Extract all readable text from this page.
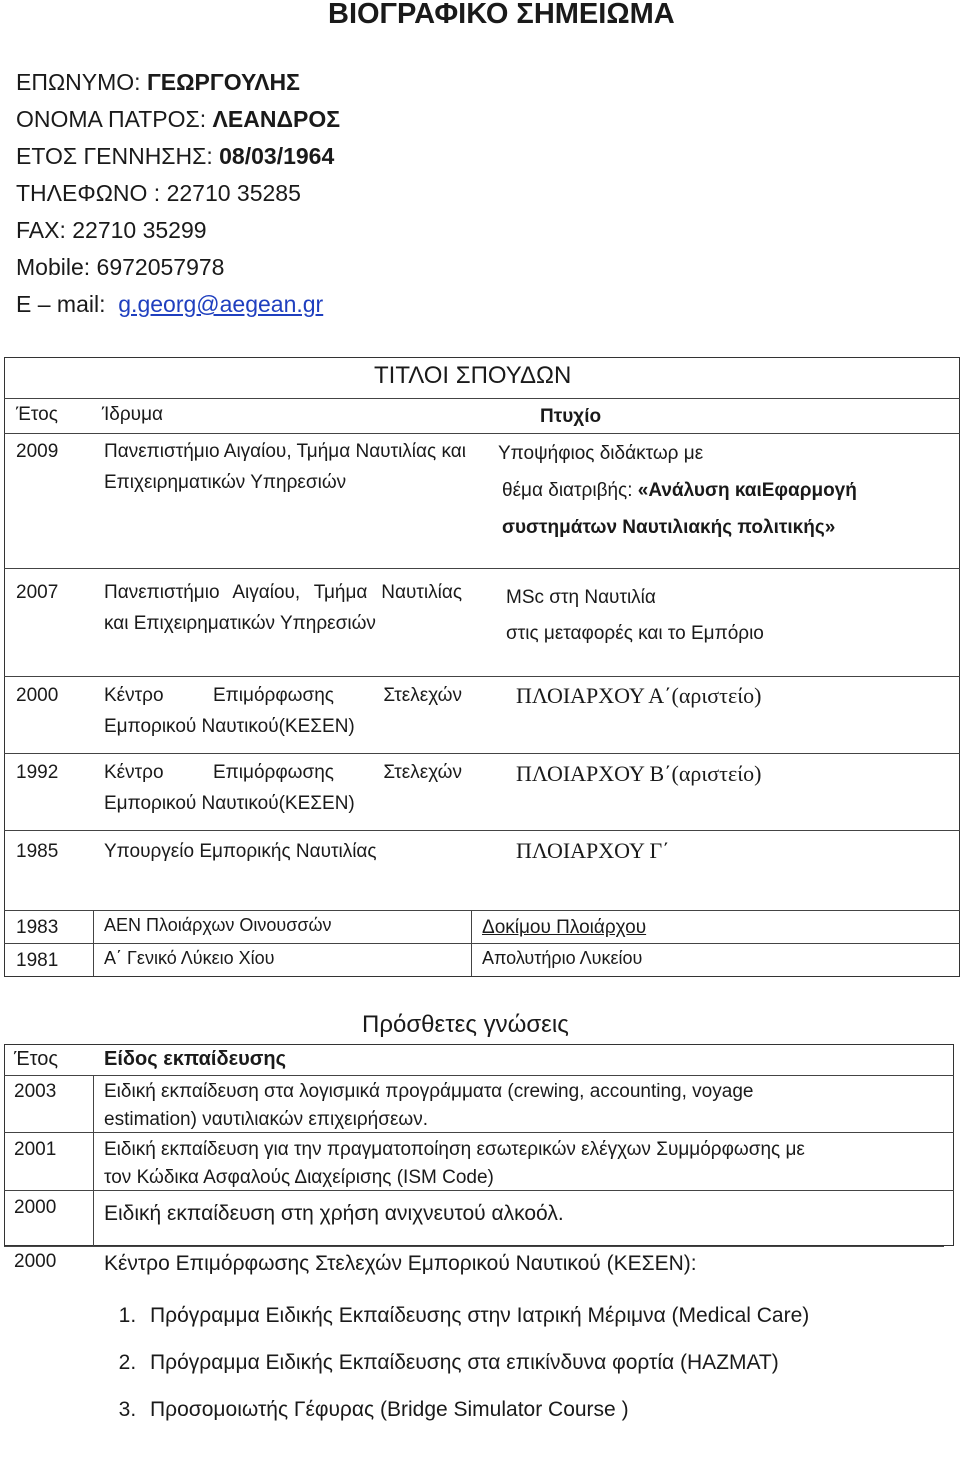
ΒΙΟΓΡΑΦΙΚΟ ΣΗΜΕΙΩΜΑ
ΕΠΩΝΥΜΟ: ΓΕΩΡΓΟΥΛΗΣ
ΟΝΟΜΑ ΠΑΤΡΟΣ: ΛΕΑΝΔΡΟΣ
ΕΤΟΣ ΓΕΝΝΗΣΗΣ: 08/03/1964
ΤΗΛΕΦΩΝΟ : 22710 35285
FAX: 22710 35299
Mobile: 6972057978
E – mail: g.georg@aegean.gr
ΤΙΤΛΟΙ ΣΠΟΥΔΩΝ
Έτος Ίδρυμα	Πτυχίο
2009 Πανεπιστήμιο Αιγαίου, Τμήμα Ναυτιλίας και Επιχειρηματικών Υπηρεσιών
Υποψήφιος διδάκτωρ με
θέμα διατριβής: «Ανάλυση καιΕφαρμογή
συστημάτων Ναυτιλιακής πολιτικής»
2007 Πανεπιστήμιο Αιγαίου, Τμήμα Ναυτιλίας και Επιχειρηματικών Υπηρεσιών
MSc στη Ναυτιλία
στις μεταφορές και το Εμπόριο
2000 Κέντρο Επιμόρφωσης Στελεχών Εμπορικού Ναυτικού(ΚΕΣΕΝ)
ΠΛΟΙΑΡΧΟΥ Α΄(αριστείο)
1992 Κέντρο Επιμόρφωσης Στελεχών Εμπορικού Ναυτικού(ΚΕΣΕΝ)
ΠΛΟΙΑΡΧΟΥ Β΄(αριστείο)
1985 Υπουργείο Εμπορικής Ναυτιλίας	ΠΛΟΙΑΡΧΟΥ Γ΄
1983	ΑΕΝ Πλοιάρχων Οινουσσών	Δοκίμου Πλοιάρχου
1981	Α΄ Γενικό Λύκειο Χίου	Απολυτήριο Λυκείου
Πρόσθετες γνώσεις
Έτος Είδος εκπαίδευσης
2003	Ειδική εκπαίδευση στα λογισμικά προγράμματα (crewing, accounting, voyage
estimation) ναυτιλιακών επιχειρήσεων.
2001	Ειδική εκπαίδευση για την πραγματοποίηση εσωτερικών ελέγχων Συμμόρφωσης με
τον Κώδικα Ασφαλούς Διαχείρισης (ISM Code)
2000 Ειδική εκπαίδευση στη χρήση ανιχνευτού αλκοόλ.
2000 Κέντρο Επιμόρφωσης Στελεχών Εμπορικού Ναυτικού (ΚΕΣΕΝ):
1. Πρόγραμμα Ειδικής Εκπαίδευσης στην Ιατρική Μέριμνα (Medical Care)
2. Πρόγραμμα Ειδικής Εκπαίδευσης στα επικίνδυνα φορτία (HAZMAT)
3. Προσομοιωτής Γέφυρας (Bridge Simulator Course )
